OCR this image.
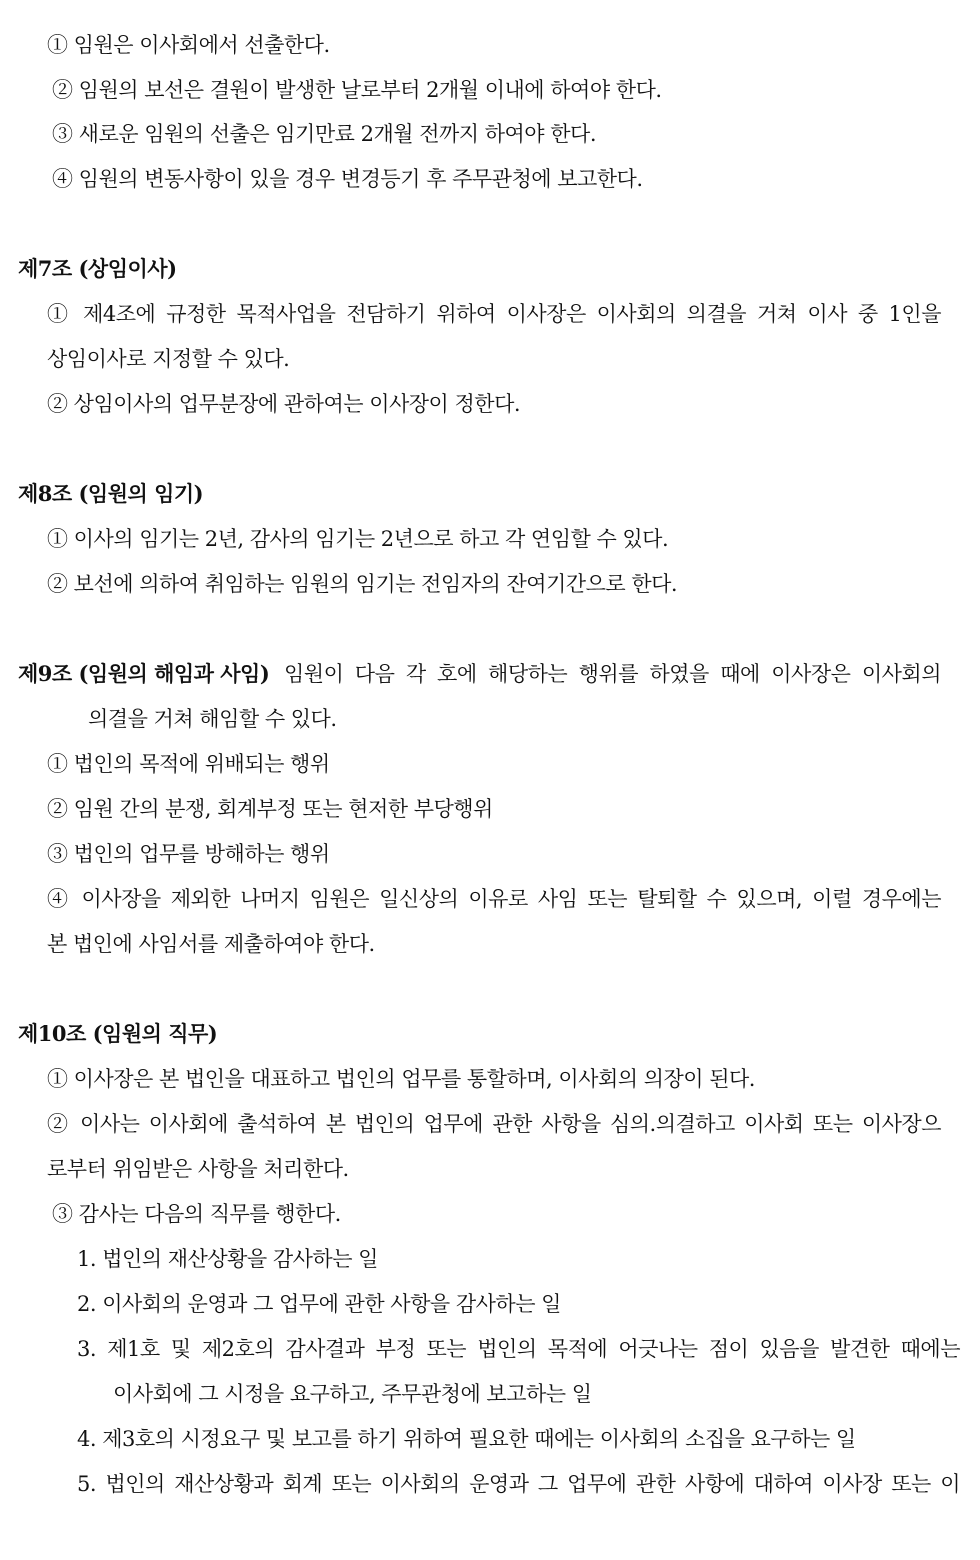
① 임원은 이사회에서 선출한다.
② 임원의 보선은 결원이 발생한 날로부터 2개월 이내에 하여야 한다.
③ 새로운 임원의 선출은 임기만료 2개월 전까지 하여야 한다.
④ 임원의 변동사항이 있을 경우 변경등기 후 주무관청에 보고한다.
제7조 (상임이사)
① 제4조에 규정한 목적사업을 전담하기 위하여 이사장은 이사회의 의결을 거쳐 이사 중 1인을
상임이사로 지정할 수 있다.
② 상임이사의 업무분장에 관하여는 이사장이 정한다.
제8조 (임원의 임기)
① 이사의 임기는 2년, 감사의 임기는 2년으로 하고 각 연임할 수 있다.
② 보선에 의하여 취임하는 임원의 임기는 전임자의 잔여기간으로 한다.
제9조 (임원의 해임과 사임) 임원이 다음 각 호에 해당하는 행위를 하였을 때에 이사장은 이사회의
의결을 거쳐 해임할 수 있다.
① 법인의 목적에 위배되는 행위
② 임원 간의 분쟁, 회계부정 또는 현저한 부당행위
③ 법인의 업무를 방해하는 행위
④ 이사장을 제외한 나머지 임원은 일신상의 이유로 사임 또는 탈퇴할 수 있으며, 이럴 경우에는
본 법인에 사임서를 제출하여야 한다.
제10조 (임원의 직무)
① 이사장은 본 법인을 대표하고 법인의 업무를 통할하며, 이사회의 의장이 된다.
② 이사는 이사회에 출석하여 본 법인의 업무에 관한 사항을 심의.의결하고 이사회 또는 이사장으
로부터 위임받은 사항을 처리한다.
③ 감사는 다음의 직무를 행한다.
1. 법인의 재산상황을 감사하는 일
2. 이사회의 운영과 그 업무에 관한 사항을 감사하는 일
3. 제1호 및 제2호의 감사결과 부정 또는 법인의 목적에 어긋나는 점이 있음을 발견한 때에는
이사회에 그 시정을 요구하고, 주무관청에 보고하는 일
4. 제3호의 시정요구 및 보고를 하기 위하여 필요한 때에는 이사회의 소집을 요구하는 일
5. 법인의 재산상황과 회계 또는 이사회의 운영과 그 업무에 관한 사항에 대하여 이사장 또는 이
